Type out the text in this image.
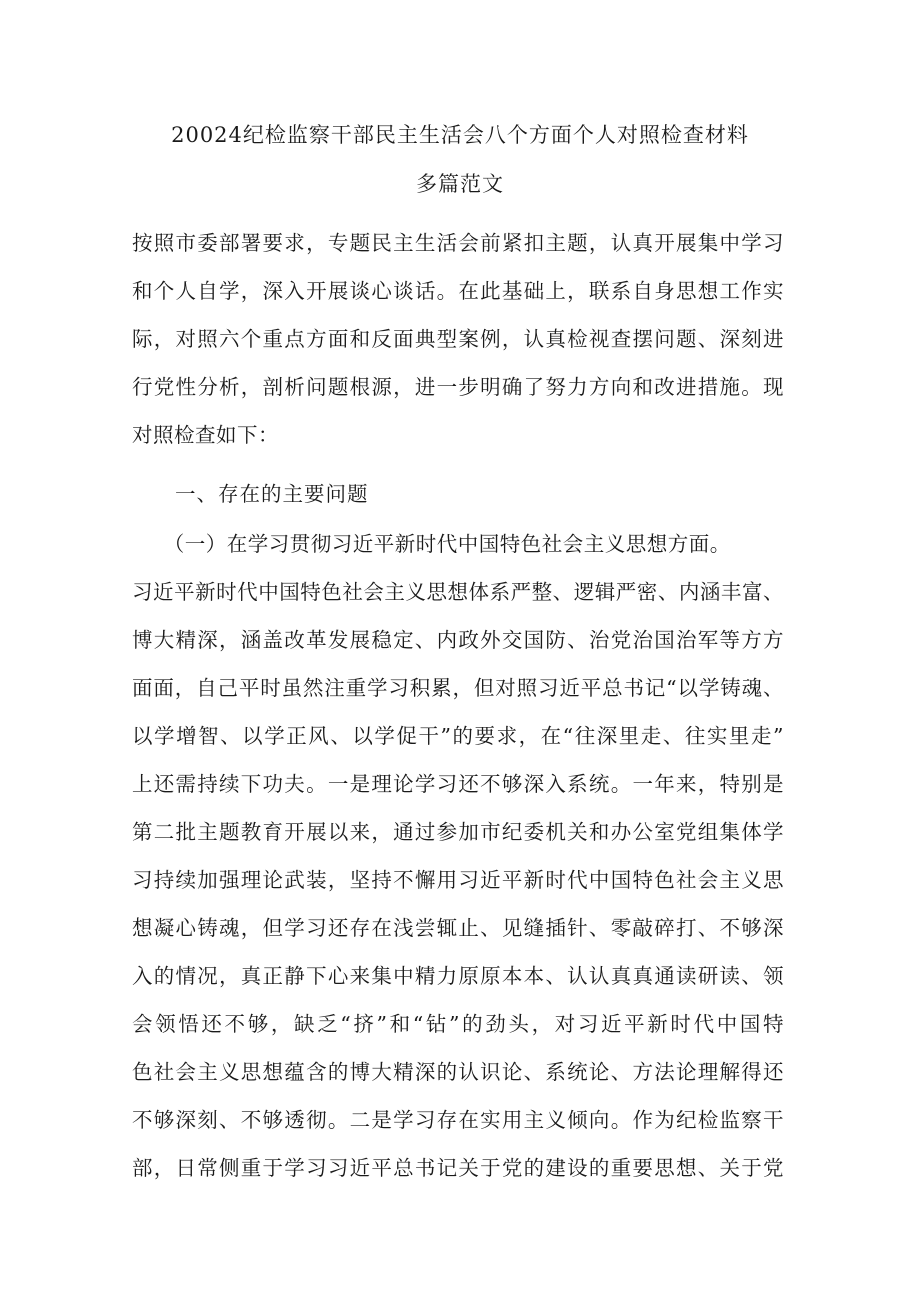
20024纪检监察干部民主生活会八个方面个人对照检查材料
多篇范文
按照市委部署要求，专题民主生活会前紧扣主题，认真开展集中学习
和个人自学，深入开展谈心谈话。在此基础上，联系自身思想工作实
际，对照六个重点方面和反面典型案例，认真检视查摆问题、深刻进
行党性分析，剖析问题根源，进一步明确了努力方向和改进措施。现
对照检查如下：
一、存在的主要问题
　　（一）在学习贯彻习近平新时代中国特色社会主义思想方面。
习近平新时代中国特色社会主义思想体系严整、逻辑严密、内涵丰富、
博大精深，涵盖改革发展稳定、内政外交国防、治党治国治军等方方
面面，自己平时虽然注重学习积累，但对照习近平总书记“以学铸魂、
以学增智、以学正风、以学促干”的要求，在“往深里走、往实里走”
上还需持续下功夫。一是理论学习还不够深入系统。一年来，特别是
第二批主题教育开展以来，通过参加市纪委机关和办公室党组集体学
习持续加强理论武装，坚持不懈用习近平新时代中国特色社会主义思
想凝心铸魂，但学习还存在浅尝辄止、见缝插针、零敲碎打、不够深
入的情况，真正静下心来集中精力原原本本、认认真真通读研读、领
会领悟还不够，缺乏“挤”和“钻”的劲头，对习近平新时代中国特
色社会主义思想蕴含的博大精深的认识论、系统论、方法论理解得还
不够深刻、不够透彻。二是学习存在实用主义倾向。作为纪检监察干
部，日常侧重于学习习近平总书记关于党的建设的重要思想、关于党
